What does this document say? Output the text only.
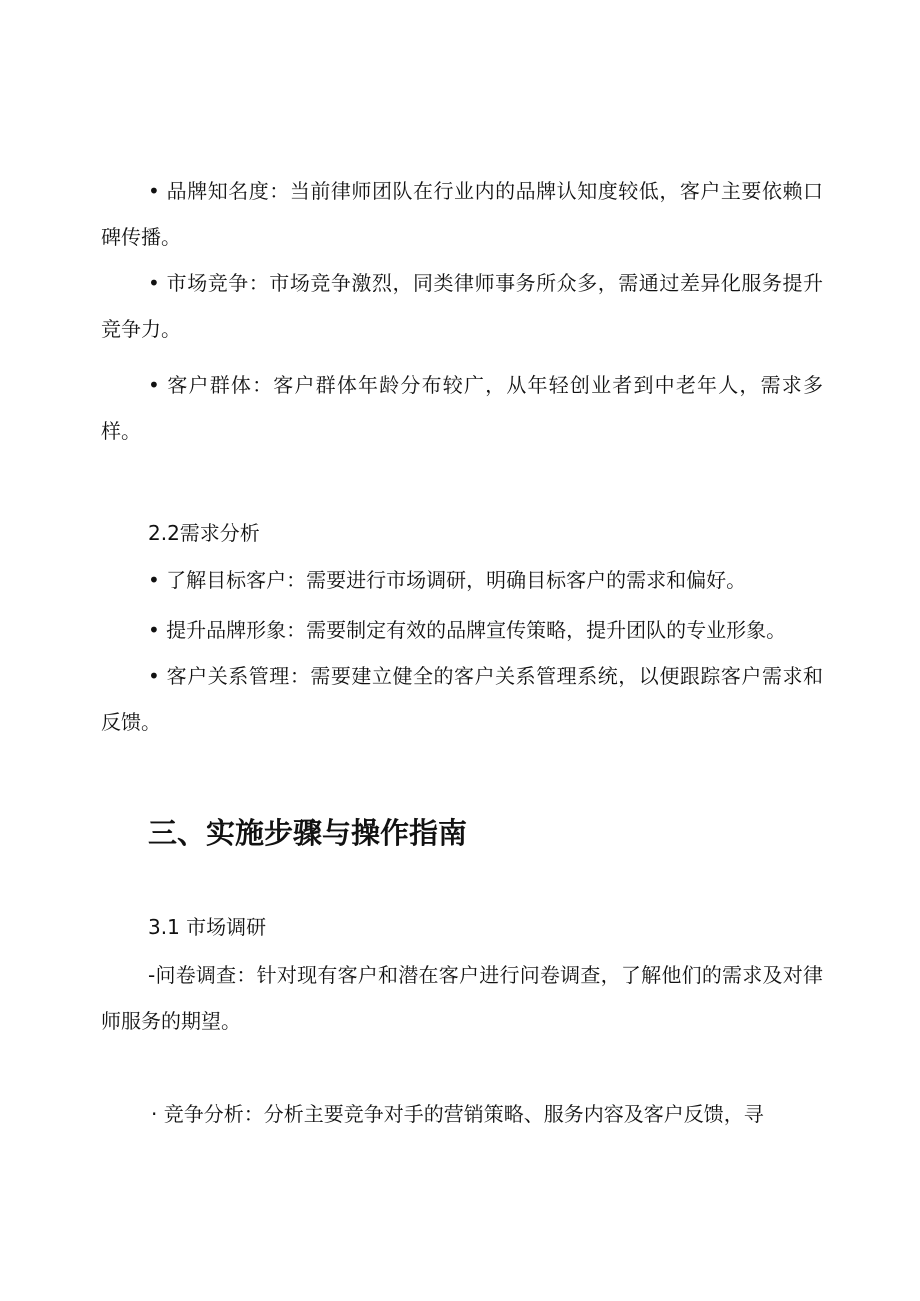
• 品牌知名度：当前律师团队在行业内的品牌认知度较低，客户主要依赖口碑传播。

• 市场竞争：市场竞争激烈，同类律师事务所众多，需通过差异化服务提升竞争力。

• 客户群体：客户群体年龄分布较广，从年轻创业者到中老年人，需求多样。

2.2需求分析

• 了解目标客户：需要进行市场调研，明确目标客户的需求和偏好。

• 提升品牌形象：需要制定有效的品牌宣传策略，提升团队的专业形象。

• 客户关系管理：需要建立健全的客户关系管理系统，以便跟踪客户需求和反馈。

三、实施步骤与操作指南

3.1 市场调研

-问卷调查：针对现有客户和潜在客户进行问卷调查，了解他们的需求及对律师服务的期望。

· 竞争分析：分析主要竞争对手的营销策略、服务内容及客户反馈，寻
